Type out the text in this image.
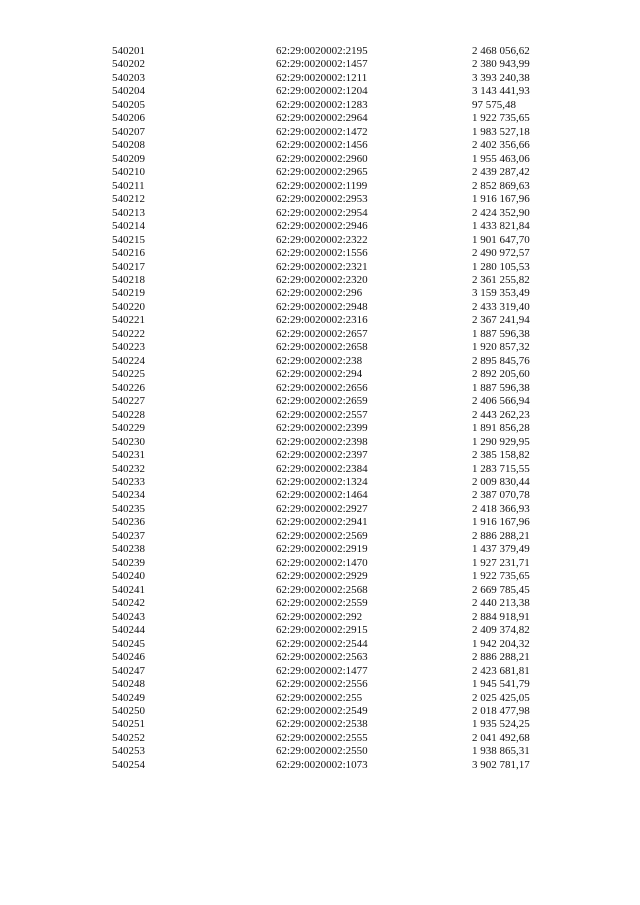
540201	62:29:0020002:2195	2 468 056,62
540202	62:29:0020002:1457	2 380 943,99
540203	62:29:0020002:1211	3 393 240,38
540204	62:29:0020002:1204	3 143 441,93
540205	62:29:0020002:1283	97 575,48
540206	62:29:0020002:2964	1 922 735,65
540207	62:29:0020002:1472	1 983 527,18
540208	62:29:0020002:1456	2 402 356,66
540209	62:29:0020002:2960	1 955 463,06
540210	62:29:0020002:2965	2 439 287,42
540211	62:29:0020002:1199	2 852 869,63
540212	62:29:0020002:2953	1 916 167,96
540213	62:29:0020002:2954	2 424 352,90
540214	62:29:0020002:2946	1 433 821,84
540215	62:29:0020002:2322	1 901 647,70
540216	62:29:0020002:1556	2 490 972,57
540217	62:29:0020002:2321	1 280 105,53
540218	62:29:0020002:2320	2 361 255,82
540219	62:29:0020002:296	3 159 353,49
540220	62:29:0020002:2948	2 433 319,40
540221	62:29:0020002:2316	2 367 241,94
540222	62:29:0020002:2657	1 887 596,38
540223	62:29:0020002:2658	1 920 857,32
540224	62:29:0020002:238	2 895 845,76
540225	62:29:0020002:294	2 892 205,60
540226	62:29:0020002:2656	1 887 596,38
540227	62:29:0020002:2659	2 406 566,94
540228	62:29:0020002:2557	2 443 262,23
540229	62:29:0020002:2399	1 891 856,28
540230	62:29:0020002:2398	1 290 929,95
540231	62:29:0020002:2397	2 385 158,82
540232	62:29:0020002:2384	1 283 715,55
540233	62:29:0020002:1324	2 009 830,44
540234	62:29:0020002:1464	2 387 070,78
540235	62:29:0020002:2927	2 418 366,93
540236	62:29:0020002:2941	1 916 167,96
540237	62:29:0020002:2569	2 886 288,21
540238	62:29:0020002:2919	1 437 379,49
540239	62:29:0020002:1470	1 927 231,71
540240	62:29:0020002:2929	1 922 735,65
540241	62:29:0020002:2568	2 669 785,45
540242	62:29:0020002:2559	2 440 213,38
540243	62:29:0020002:292	2 884 918,91
540244	62:29:0020002:2915	2 409 374,82
540245	62:29:0020002:2544	1 942 204,32
540246	62:29:0020002:2563	2 886 288,21
540247	62:29:0020002:1477	2 423 681,81
540248	62:29:0020002:2556	1 945 541,79
540249	62:29:0020002:255	2 025 425,05
540250	62:29:0020002:2549	2 018 477,98
540251	62:29:0020002:2538	1 935 524,25
540252	62:29:0020002:2555	2 041 492,68
540253	62:29:0020002:2550	1 938 865,31
540254	62:29:0020002:1073	3 902 781,17
